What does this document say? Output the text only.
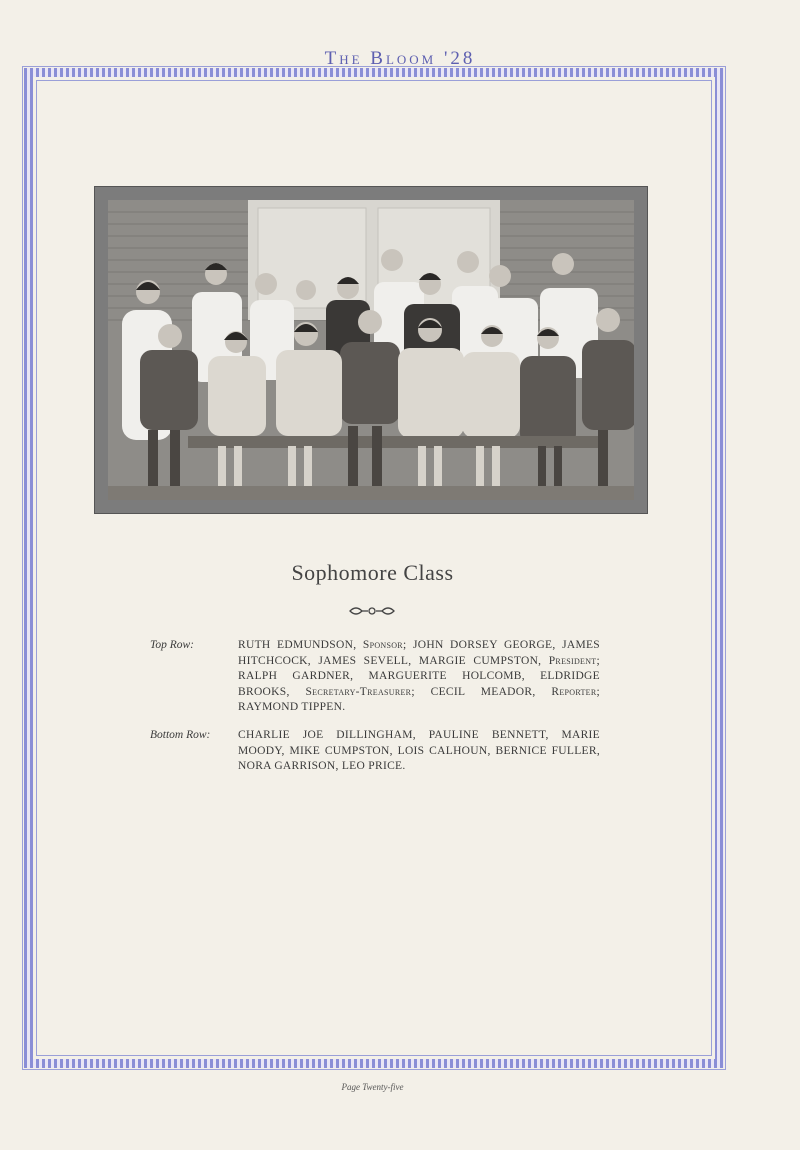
The Bloom '28
Sophomore Class
Top Row:	RUTH EDMUNDSON, Sponsor; JOHN DORSEY GEORGE, JAMES HITCHCOCK, JAMES SEVELL, MARGIE CUMPSTON, President; RALPH GARDNER, MARGUERITE HOLCOMB, ELDRIDGE BROOKS, Secretary-Treasurer; CECIL MEADOR, Reporter; RAYMOND TIPPEN.
Bottom Row:	CHARLIE JOE DILLINGHAM, PAULINE BENNETT, MARIE MOODY, MIKE CUMPSTON, LOIS CALHOUN, BERNICE FULLER, NORA GARRISON, LEO PRICE.
Page Twenty-five
